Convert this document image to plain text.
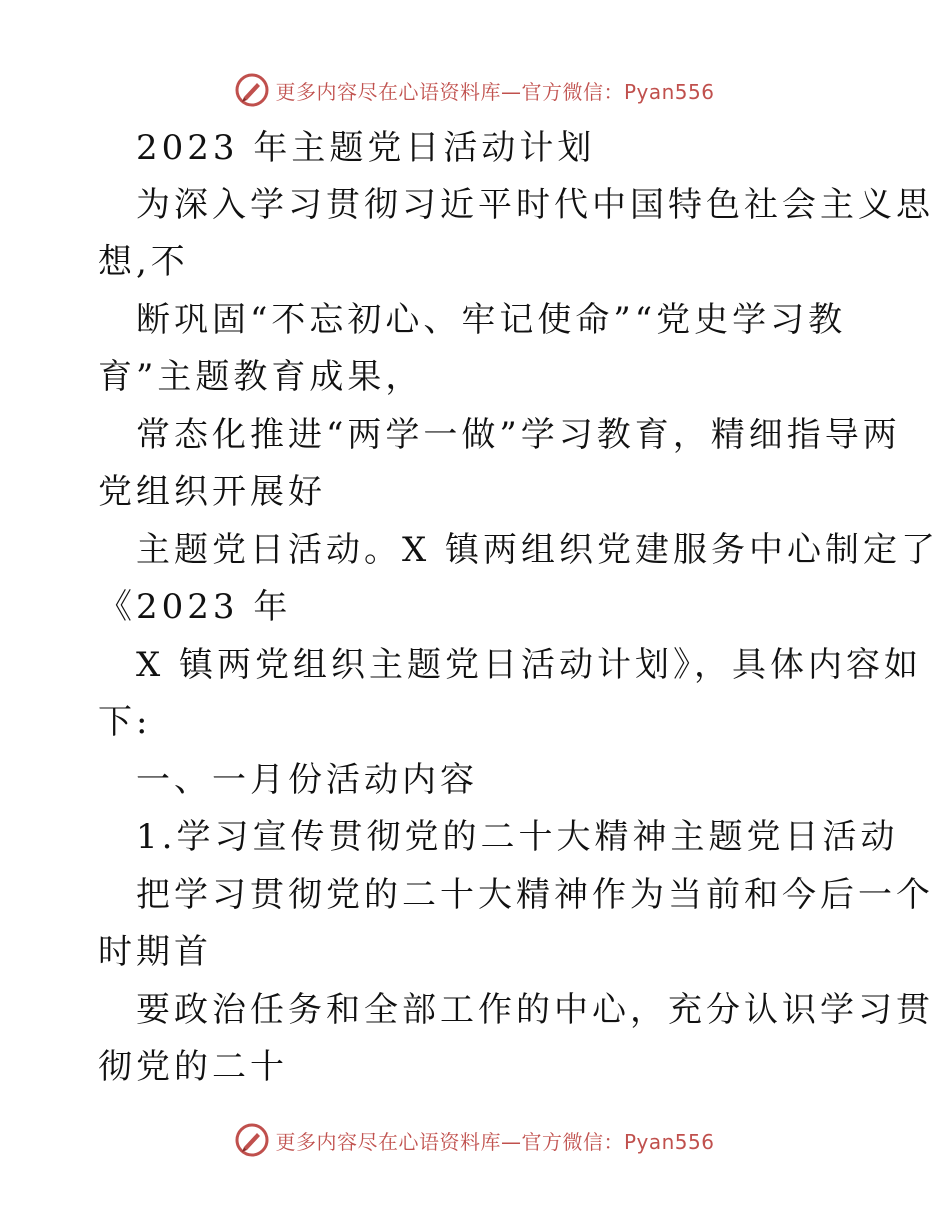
更多内容尽在心语资料库—官方微信：Pyan556
2023 年主题党日活动计划
为深入学习贯彻习近平时代中国特色社会主义思
想,不
断巩固“不忘初心、牢记使命”“党史学习教
育”主题教育成果，
常态化推进“两学一做”学习教育，精细指导两
党组织开展好
主题党日活动。X 镇两组织党建服务中心制定了
《2023 年
X 镇两党组织主题党日活动计划》，具体内容如
下:
一、一月份活动内容
1.学习宣传贯彻党的二十大精神主题党日活动
把学习贯彻党的二十大精神作为当前和今后一个
时期首
要政治任务和全部工作的中心，充分认识学习贯
彻党的二十
更多内容尽在心语资料库—官方微信：Pyan556
